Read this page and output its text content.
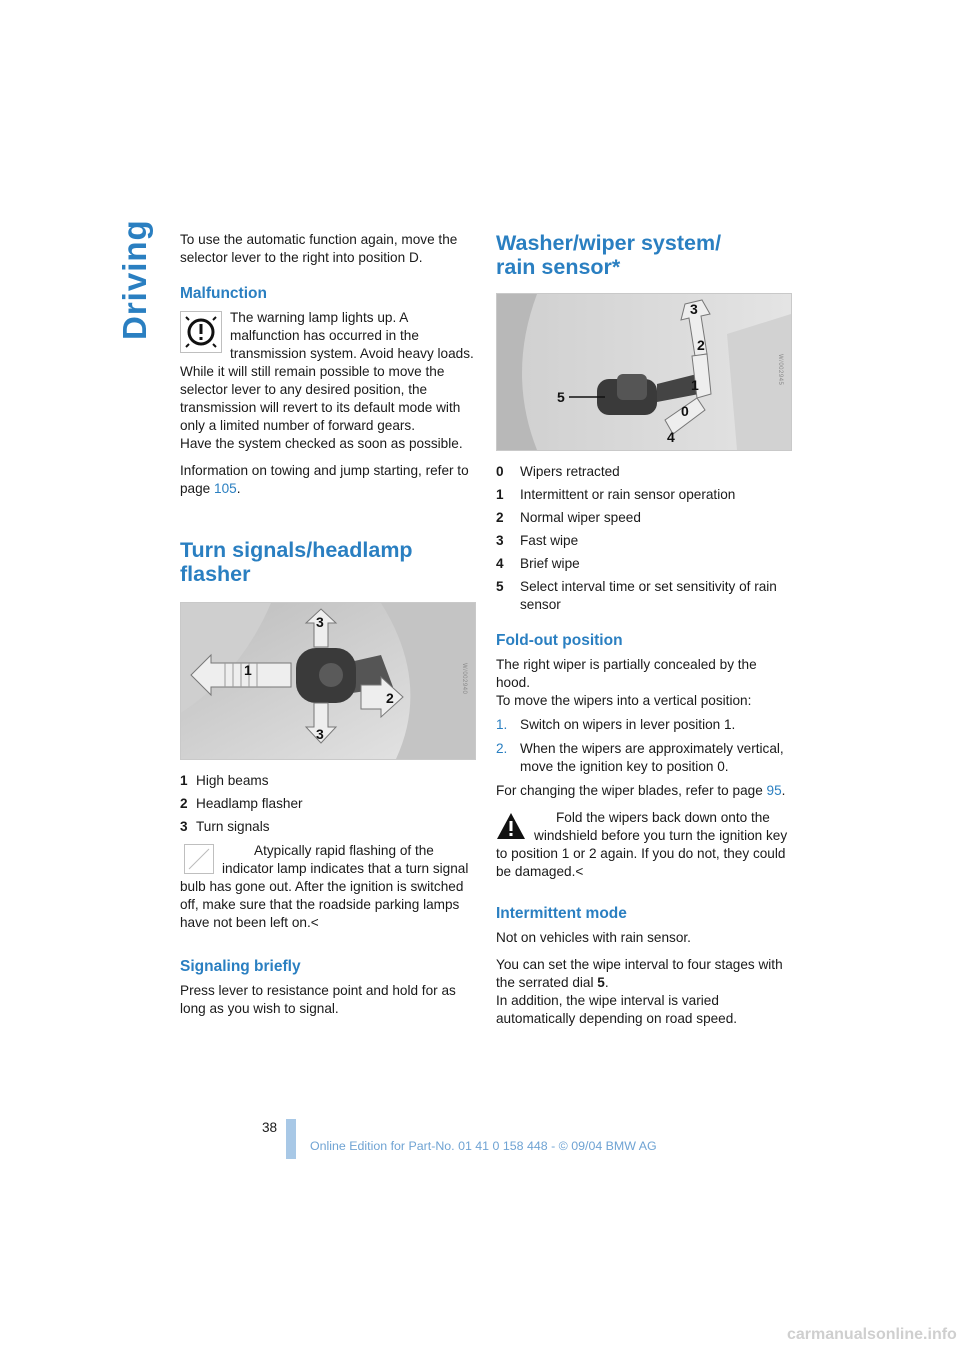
Driving	To use the automatic function again, move the selector lever to the right into position D.

Malfunction

The warning lamp lights up. A malfunction has occurred in the transmission system. Avoid heavy loads.

While it will still remain possible to move the selector lever to any desired position, the transmission will revert to its default mode with only a limited number of forward gears.

Have the system checked as soon as possible.

Information on towing and jump starting, refer to page 105.

Turn signals/headlamp
flasher
1
2
3
3
W/002940
1 High beams
2 Headlamp flasher
3 Turn signals

Atypically rapid flashing of the indicator lamp indicates that a turn signal bulb has gone out. After the ignition is switched off, make sure that the roadside parking lamps have not been left on.<

Signaling briefly

Press lever to resistance point and hold for as long as you wish to signal.

Washer/wiper system/
rain sensor*
3
2
1
0
4
5
W/002945
0	Wipers retracted
1	Intermittent or rain sensor operation
2	Normal wiper speed
3	Fast wipe
4	Brief wipe
5	Select interval time or set sensitivity of rain sensor
Fold-out position

The right wiper is partially concealed by the hood.

To move the wipers into a vertical position:

1. Switch on wipers in lever position 1.
2. When the wipers are approximately vertical, move the ignition key to position 0.

For changing the wiper blades, refer to page 95.

Fold the wipers back down onto the windshield before you turn the ignition key to position 1 or 2 again. If you do not, they could be damaged.<

Intermittent mode

Not on vehicles with rain sensor.

You can set the wipe interval to four stages with the serrated dial 5.

In addition, the wipe interval is varied automatically depending on road speed.

38
Online Edition for Part-No. 01 41 0 158 448 - © 09/04 BMW AG
carmanualsonline.info
